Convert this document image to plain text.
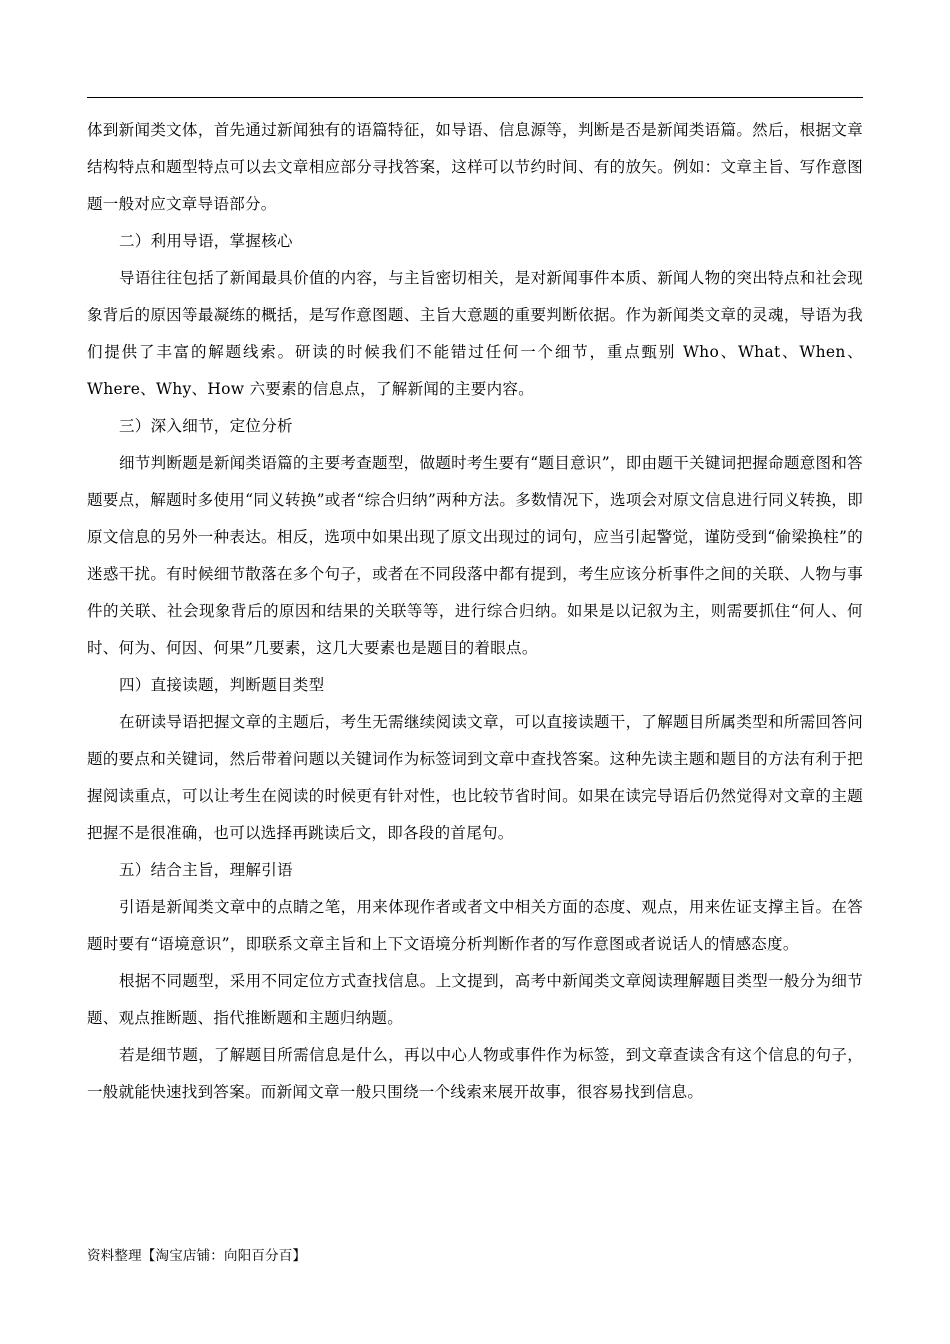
体到新闻类文体，首先通过新闻独有的语篇特征，如导语、信息源等，判断是否是新闻类语篇。然后，根据文章结构特点和题型特点可以去文章相应部分寻找答案，这样可以节约时间、有的放矢。例如：文章主旨、写作意图题一般对应文章导语部分。

二）利用导语，掌握核心

导语往往包括了新闻最具价值的内容，与主旨密切相关，是对新闻事件本质、新闻人物的突出特点和社会现象背后的原因等最凝练的概括，是写作意图题、主旨大意题的重要判断依据。作为新闻类文章的灵魂，导语为我们提供了丰富的解题线索。研读的时候我们不能错过任何一个细节，重点甄别 Who、What、When、Where、Why、How 六要素的信息点，了解新闻的主要内容。

三）深入细节，定位分析

细节判断题是新闻类语篇的主要考查题型，做题时考生要有“题目意识”，即由题干关键词把握命题意图和答题要点，解题时多使用“同义转换”或者“综合归纳”两种方法。多数情况下，选项会对原文信息进行同义转换，即原文信息的另外一种表达。相反，选项中如果出现了原文出现过的词句，应当引起警觉，谨防受到“偷梁换柱”的迷惑干扰。有时候细节散落在多个句子，或者在不同段落中都有提到，考生应该分析事件之间的关联、人物与事件的关联、社会现象背后的原因和结果的关联等等，进行综合归纳。如果是以记叙为主，则需要抓住“何人、何时、何为、何因、何果”几要素，这几大要素也是题目的着眼点。

四）直接读题，判断题目类型

在研读导语把握文章的主题后，考生无需继续阅读文章，可以直接读题干，了解题目所属类型和所需回答问题的要点和关键词，然后带着问题以关键词作为标签词到文章中查找答案。这种先读主题和题目的方法有利于把握阅读重点，可以让考生在阅读的时候更有针对性，也比较节省时间。如果在读完导语后仍然觉得对文章的主题把握不是很准确，也可以选择再跳读后文，即各段的首尾句。

五）结合主旨，理解引语

引语是新闻类文章中的点睛之笔，用来体现作者或者文中相关方面的态度、观点，用来佐证支撑主旨。在答题时要有“语境意识”，即联系文章主旨和上下文语境分析判断作者的写作意图或者说话人的情感态度。

根据不同题型，采用不同定位方式查找信息。上文提到，高考中新闻类文章阅读理解题目类型一般分为细节题、观点推断题、指代推断题和主题归纳题。

若是细节题，了解题目所需信息是什么，再以中心人物或事件作为标签，到文章查读含有这个信息的句子，一般就能快速找到答案。而新闻文章一般只围绕一个线索来展开故事，很容易找到信息。

资料整理【淘宝店铺：向阳百分百】
